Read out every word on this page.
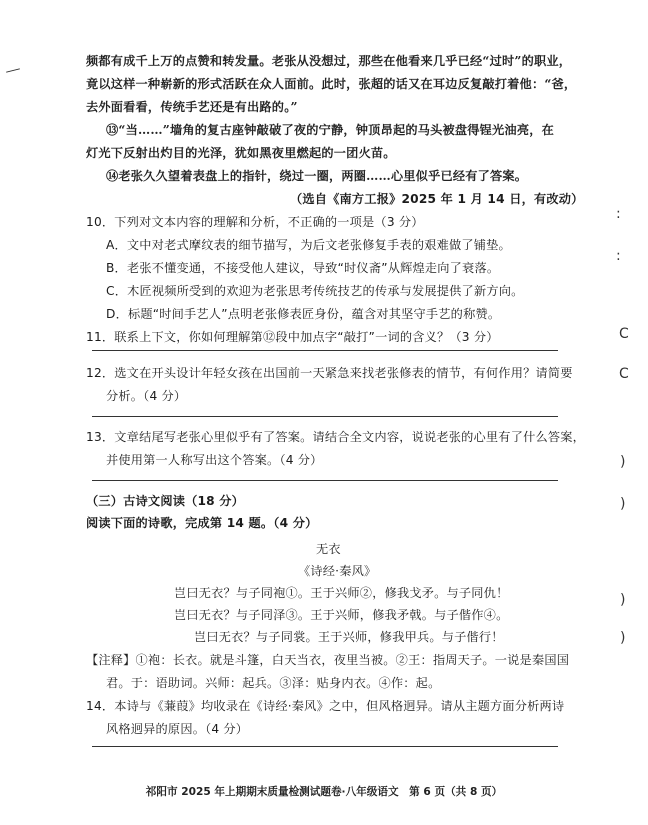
频都有成千上万的点赞和转发量。老张从没想过，那些在他看来几乎已经“过时”的职业，
竟以这样一种崭新的形式活跃在众人面前。此时，张超的话又在耳边反复敲打着他：“爸，
去外面看看，传统手艺还是有出路的。”
⑬“当……”墙角的复古座钟敲破了夜的宁静，钟顶昂起的马头被盘得锃光油亮，在
灯光下反射出灼目的光泽，犹如黑夜里燃起的一团火苗。
⑭老张久久望着表盘上的指针，绕过一圈，两圈……心里似乎已经有了答案。
（选自《南方工报》2025 年 1 月 14 日，有改动）
10．下列对文本内容的理解和分析，不正确的一项是（3 分）
A．文中对老式摩纹表的细节描写，为后文老张修复手表的艰难做了铺垫。
B．老张不懂变通，不接受他人建议，导致“时仪斋”从辉煌走向了衰落。
C．木匠视频所受到的欢迎为老张思考传统技艺的传承与发展提供了新方向。
D．标题“时间手艺人”点明老张修表匠身份，蕴含对其坚守手艺的称赞。
11．联系上下文，你如何理解第⑫段中加点字“敲打”一词的含义？（3 分）
12．选文在开头设计年轻女孩在出国前一天紧急来找老张修表的情节，有何作用？请简要
分析。（4 分）
13．文章结尾写老张心里似乎有了答案。请结合全文内容，说说老张的心里有了什么答案，
并使用第一人称写出这个答案。（4 分）
（三）古诗文阅读（18 分）
阅读下面的诗歌，完成第 14 题。（4 分）
无衣
《诗经·秦风》
岂曰无衣？与子同袍①。王于兴师②，修我戈矛。与子同仇！
岂曰无衣？与子同泽③。王于兴师，修我矛戟。与子偕作④。
岂曰无衣？与子同裳。王于兴师，修我甲兵。与子偕行！
【注释】①袍：长衣。就是斗篷，白天当衣，夜里当被。②王：指周天子。一说是秦国国
君。于：语助词。兴师：起兵。③泽：贴身内衣。④作：起。
14．本诗与《蒹葭》均收录在《诗经·秦风》之中，但风格迥异。请从主题方面分析两诗
风格迥异的原因。（4 分）
祁阳市 2025 年上期期末质量检测试题卷·八年级语文　第 6 页（共 8 页）
:
:
C
C
)
)
)
)
